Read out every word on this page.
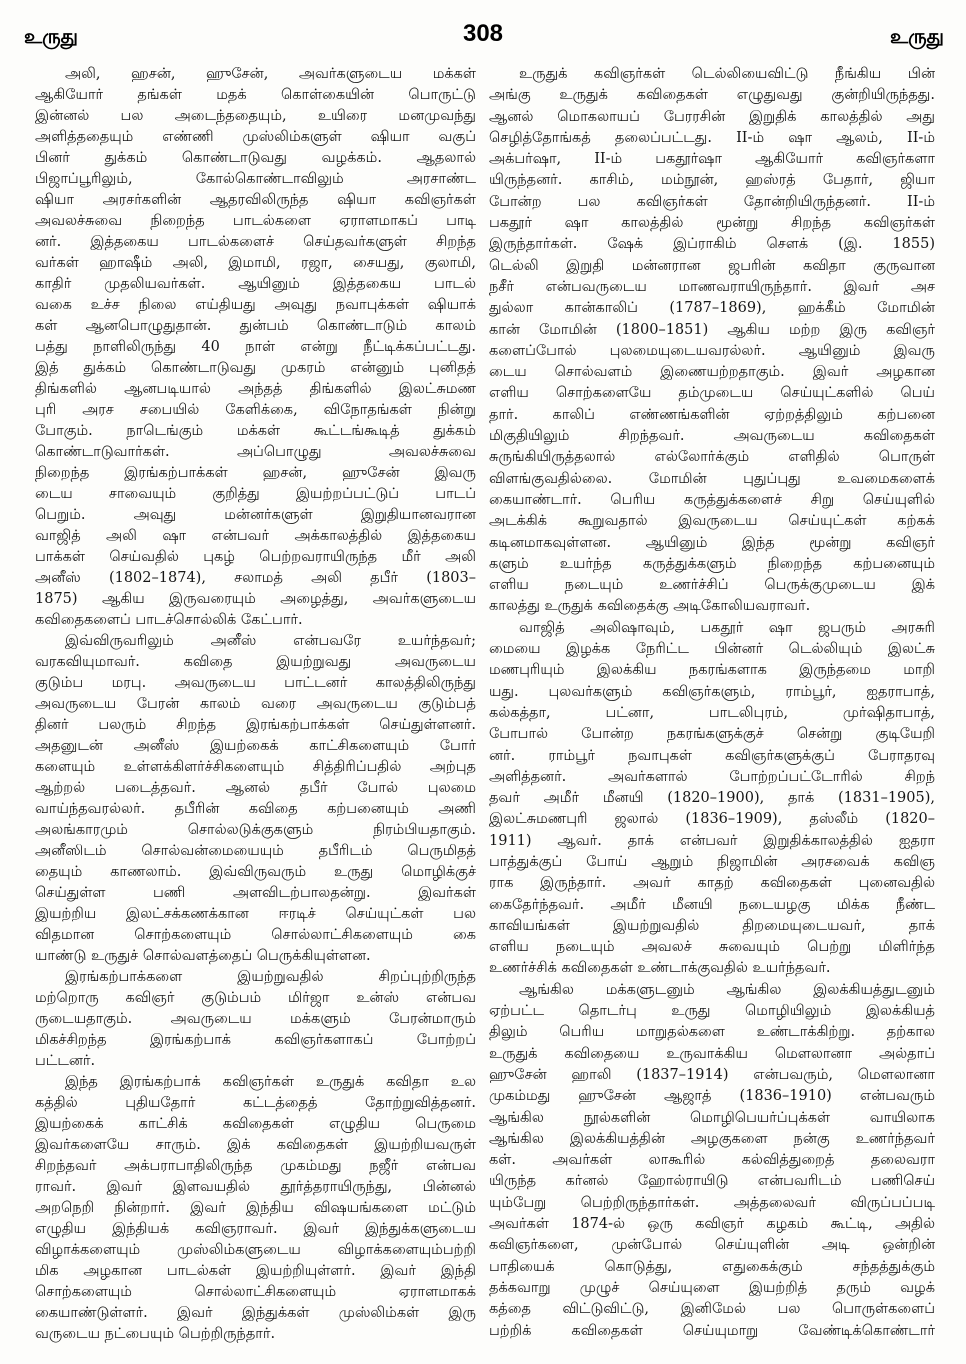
உருது	308	உருது
அலி, ஹசன், ஹுசேன், அவர்களுடைய மக்கள்
ஆகியோர் தங்கள் மதக் கொள்கையின் பொருட்டு
இன்னல் பல அடைந்ததையும், உயிரை மனமுவந்து
அளித்ததையும் எண்ணி முஸ்லிம்களுள் ஷியா வகுப்
பினர் துக்கம் கொண்டாடுவது வழக்கம். ஆதலால்
பிஜாப்பூரிலும், கோல்கொண்டாவிலும் அரசாண்ட
ஷியா அரசர்களின் ஆதரவிலிருந்த ஷியா கவிஞர்கள்
அவலச்சுவை நிறைந்த பாடல்களை ஏராளமாகப் பாடி
னர். இத்தகைய பாடல்களைச் செய்தவர்களுள் சிறந்த
வர்கள் ஹாஷீம் அலி, இமாமி, ரஜா, சையது, குலாமி,
காதிர் முதலியவர்கள். ஆயினும் இத்தகைய பாடல்
வகை உச்ச நிலை எய்தியது அவுது நவாபுக்கள் ஷியாக்
கள் ஆனபொழுதுதான். துன்பம் கொண்டாடும் காலம்
பத்து நாளிலிருந்து 40 நாள் என்று நீட்டிக்கப்பட்டது.
இத் துக்கம் கொண்டாடுவது முகரம் என்னும் புனிதத்
திங்களில் ஆனபடியால் அந்தத் திங்களில் இலட்சுமண
புரி அரச சபையில் கேளிக்கை, விநோதங்கள் நின்று
போகும். நாடெங்கும் மக்கள் கூட்டங்கூடித் துக்கம்
கொண்டாடுவார்கள். அப்பொழுது அவலச்சுவை
நிறைந்த இரங்கற்பாக்கள் ஹசன், ஹுசேன் இவரு
டைய சாவையும் குறித்து இயற்றப்பட்டுப் பாடப்
பெறும். அவுது மன்னர்களுள் இறுதியானவரான
வாஜித் அலி ஷா என்பவர் அக்காலத்தில் இத்தகைய
பாக்கள் செய்வதில் புகழ் பெற்றவராயிருந்த மீர் அலி
அனீஸ் (1802–1874), சலாமத் அலி தபீர் (1803–
1875) ஆகிய இருவரையும் அழைத்து, அவர்களுடைய
கவிதைகளைப் பாடச்சொல்லிக் கேட்பார்.
இவ்விருவரிலும் அனீஸ் என்பவரே உயர்ந்தவர்;
வரகவியுமாவர். கவிதை இயற்றுவது அவருடைய
குடும்ப மரபு. அவருடைய பாட்டனர் காலத்திலிருந்து
அவருடைய பேரன் காலம் வரை அவருடைய குடும்பத்
தினர் பலரும் சிறந்த இரங்கற்பாக்கள் செய்துள்ளனர்.
அதனுடன் அனீஸ் இயற்கைக் காட்சிகளையும் போர்
களையும் உள்ளக்கிளர்ச்சிகளையும் சித்திரிப்பதில் அற்புத
ஆற்றல் படைத்தவர். ஆனல் தபீர் போல் புலமை
வாய்ந்தவரல்லர். தபீரின் கவிதை கற்பனையும் அணி
அலங்காரமும் சொல்லடுக்குகளும் நிரம்பியதாகும்.
அனீஸிடம் சொல்வன்மையையும் தபீரிடம் பெருமிதத்
தையும் காணலாம். இவ்விருவரும் உருது மொழிக்குச்
செய்துள்ள பணி அளவிடற்பாலதன்று. இவர்கள்
இயற்றிய இலட்சக்கணக்கான ஈரடிச் செய்யுட்கள் பல
விதமான சொற்களையும் சொல்லாட்சிகளையும் கை
யாண்டு உருதுச் சொல்வளத்தைப் பெருக்கியுள்ளன.
இரங்கற்பாக்களை இயற்றுவதில் சிறப்புற்றிருந்த
மற்றொரு கவிஞர் குடும்பம் மிர்ஜா உன்ஸ் என்பவ
ருடையதாகும். அவருடைய மக்களும் பேரன்மாரும்
மிகச்சிறந்த இரங்கற்பாக் கவிஞர்களாகப் போற்றப்
பட்டனர்.
இந்த இரங்கற்பாக் கவிஞர்கள் உருதுக் கவிதா உல
கத்தில் புதியதோர் கட்டத்தைத் தோற்றுவித்தனர்.
இயற்கைக் காட்சிக் கவிதைகள் எழுதிய பெருமை
இவர்களையே சாரும். இக் கவிதைகள் இயற்றியவருள்
சிறந்தவர் அக்பராபாதிலிருந்த முகம்மது நஜீர் என்பவ
ராவர். இவர் இளவயதில் தூர்த்தராயிருந்து, பின்னல்
அறநெறி நின்றார். இவர் இந்திய விஷயங்களை மட்டும்
எழுதிய இந்தியக் கவிஞராவர். இவர் இந்துக்களுடைய
விழாக்களையும் முஸ்லிம்களுடைய விழாக்களையும்பற்றி
மிக அழகான பாடல்கள் இயற்றியுள்ளர். இவர் இந்தி
சொற்களையும் சொல்லாட்சிகளையும் ஏராளமாகக்
கையாண்டுள்ளர். இவர் இந்துக்கள் முஸ்லிம்கள் இரு
வருடைய நட்பையும் பெற்றிருந்தார்.
உருதுக் கவிஞர்கள் டெல்லியைவிட்டு நீங்கிய பின்
அங்கு உருதுக் கவிதைகள் எழுதுவது குன்றியிருந்தது.
ஆனல் மொகலாயப் பேரரசின் இறுதிக் காலத்தில் அது
செழித்தோங்கத் தலைப்பட்டது. II-ம் ஷா ஆலம், II-ம்
அக்பர்ஷா, II-ம் பகதூர்ஷா ஆகியோர் கவிஞர்களா
யிருந்தனர். காசிம், மம்நூன், ஹஸ்ரத் பேதார், ஜியா
போன்ற பல கவிஞர்கள் தோன்றியிருந்தனர். II-ம்
பகதூர் ஷா காலத்தில் மூன்று சிறந்த கவிஞர்கள்
இருந்தார்கள். ஷேக் இப்ராகிம் சௌக் (இ. 1855)
டெல்லி இறுதி மன்னரான ஜபரின் கவிதா குருவான
நசீர் என்பவருடைய மாணவராயிருந்தார். இவர் அச
துல்லா கான்காலிப் (1787–1869), ஹக்கீம் மோமின்
கான் மோமின் (1800–1851) ஆகிய மற்ற இரு கவிஞர்
களைப்போல் புலமையுடையவரல்லர். ஆயினும் இவரு
டைய சொல்வளம் இணையற்றதாகும். இவர் அழகான
எளிய சொற்களையே தம்முடைய செய்யுட்களில் பெய்
தார். காலிப் எண்ணங்களின் ஏற்றத்திலும் கற்பனை
மிகுதியிலும் சிறந்தவர். அவருடைய கவிதைகள்
சுருங்கியிருத்தலால் எல்லோர்க்கும் எளிதில் பொருள்
விளங்குவதில்லை. மோமின் புதுப்புது உவமைகளைக்
கையாண்டார். பெரிய கருத்துக்களைச் சிறு செய்யுளில்
அடக்கிக் கூறுவதால் இவருடைய செய்யுட்கள் கற்கக்
கடினமாகவுள்ளன. ஆயினும் இந்த மூன்று கவிஞர்
களும் உயர்ந்த கருத்துக்களும் நிறைந்த கற்பனையும்
எளிய நடையும் உணர்ச்சிப் பெருக்குமுடைய இக்
காலத்து உருதுக் கவிதைக்கு அடிகோலியவராவர்.
வாஜித் அலிஷாவும், பகதூர் ஷா ஜபரும் அரசுரி
மையை இழக்க நேரிட்ட பின்னர் டெல்லியும் இலட்சு
மணபுரியும் இலக்கிய நகரங்களாக இருந்தமை மாறி
யது. புலவர்களும் கவிஞர்களும், ராம்பூர், ஐதராபாத்,
கல்கத்தா, பட்னா, பாடலிபுரம், முர்ஷிதாபாத்,
போபால் போன்ற நகரங்களுக்குச் சென்று குடியேறி
னர். ராம்பூர் நவாபுகள் கவிஞர்களுக்குப் பேராதரவு
அளித்தனர். அவர்களால் போற்றப்பட்டோரில் சிறந்
தவர் அமீர் மீனயி (1820–1900), தாக் (1831–1905),
இலட்சுமணபுரி ஜலால் (1836–1909), தஸ்லீம் (1820–
1911) ஆவர். தாக் என்பவர் இறுதிக்காலத்தில் ஐதரா
பாத்துக்குப் போய் ஆறும் நிஜாமின் அரசவைக் கவிஞ
ராக இருந்தார். அவர் காதற் கவிதைகள் புனைவதில்
கைதேர்ந்தவர். அமீர் மீனயி நடையழகு மிக்க நீண்ட
காவியங்கள் இயற்றுவதில் திறமையுடையவர், தாக்
எளிய நடையும் அவலச் சுவையும் பெற்று மிளிர்ந்த
உணர்ச்சிக் கவிதைகள் உண்டாக்குவதில் உயர்ந்தவர்.
ஆங்கில மக்களுடனும் ஆங்கில இலக்கியத்துடனும்
ஏற்பட்ட தொடர்பு உருது மொழியிலும் இலக்கியத்
திலும் பெரிய மாறுதல்களை உண்டாக்கிற்று. தற்கால
உருதுக் கவிதையை உருவாக்கிய மௌலானா அல்தாப்
ஹுசேன் ஹாலி (1837–1914) என்பவரும், மௌலானா
முகம்மது ஹுசேன் ஆஜாத் (1836–1910) என்பவரும்
ஆங்கில நூல்களின் மொழிபெயர்ப்புக்கள் வாயிலாக
ஆங்கில இலக்கியத்தின் அழகுகளை நன்கு உணர்ந்தவர்
கள். அவர்கள் லாகூரில் கல்வித்துறைத் தலைவரா
யிருந்த கர்னல் ஹோல்ராயிடு என்பவரிடம் பணிசெய்
யும்பேறு பெற்றிருந்தார்கள். அத்தலைவர் விருப்பப்படி
அவர்கள் 1874-ல் ஒரு கவிஞர் கழகம் கூட்டி, அதில்
கவிஞர்களை, முன்போல் செய்யுளின் அடி ஒன்றின்
பாதியைக் கொடுத்து, எதுகைக்கும் சந்தத்துக்கும்
தக்கவாறு முழுச் செய்யுளை இயற்றித் தரும் வழக்
கத்தை விட்டுவிட்டு, இனிமேல் பல பொருள்களைப்
பற்றிக் கவிதைகள் செய்யுமாறு வேண்டிக்கொண்டார்
